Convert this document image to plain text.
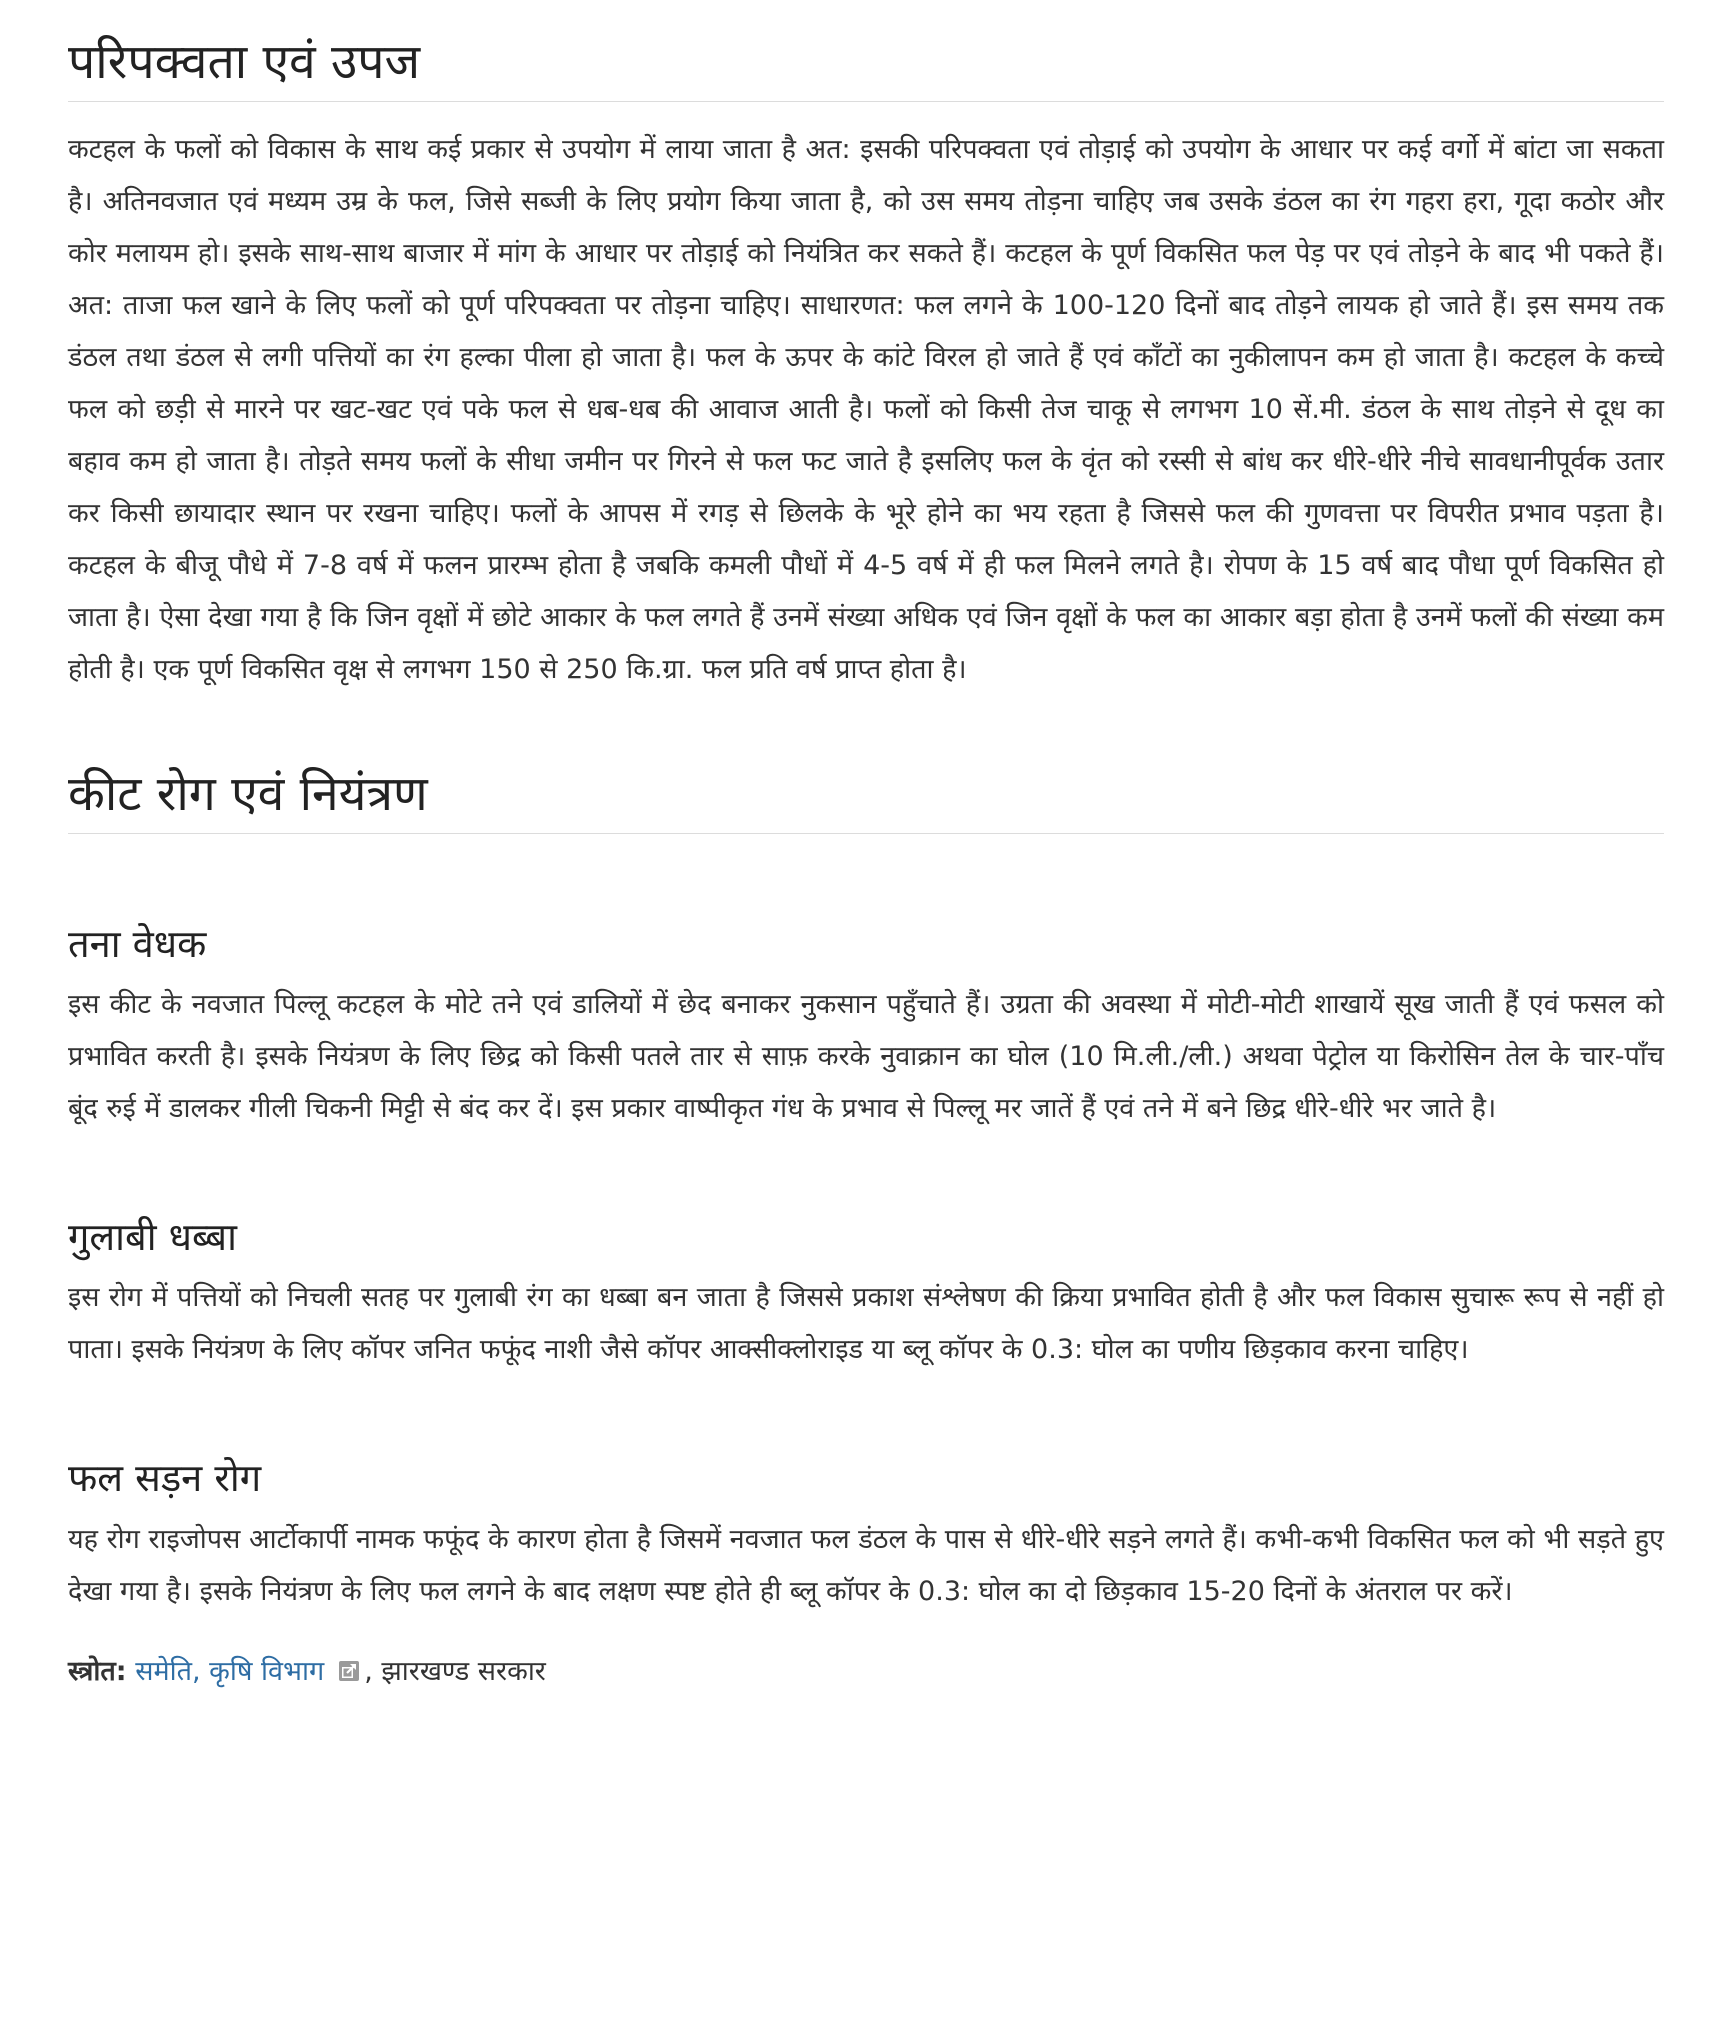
परिपक्वता एवं उपज

कटहल के फलों को विकास के साथ कई प्रकार से उपयोग में लाया जाता है अत: इसकी परिपक्वता एवं तोड़ाई को उपयोग के आधार पर कई वर्गो में बांटा जा सकता है। अतिनवजात एवं मध्यम उम्र के फल, जिसे सब्जी के लिए प्रयोग किया जाता है, को उस समय तोड़ना चाहिए जब उसके डंठल का रंग गहरा हरा, गूदा कठोर और कोर मलायम हो। इसके साथ-साथ बाजार में मांग के आधार पर तोड़ाई को नियंत्रित कर सकते हैं। कटहल के पूर्ण विकसित फल पेड़ पर एवं तोड़ने के बाद भी पकते हैं। अत: ताजा फल खाने के लिए फलों को पूर्ण परिपक्वता पर तोड़ना चाहिए। साधारणत: फल लगने के 100-120 दिनों बाद तोड़ने लायक हो जाते हैं। इस समय तक डंठल तथा डंठल से लगी पत्तियों का रंग हल्का पीला हो जाता है। फल के ऊपर के कांटे विरल हो जाते हैं एवं काँटों का नुकीलापन कम हो जाता है। कटहल के कच्चे फल को छड़ी से मारने पर खट-खट एवं पके फल से धब-धब की आवाज आती है। फलों को किसी तेज चाकू से लगभग 10 सें.मी. डंठल के साथ तोड़ने से दूध का बहाव कम हो जाता है। तोड़ते समय फलों के सीधा जमीन पर गिरने से फल फट जाते है इसलिए फल के वृंत को रस्सी से बांध कर धीरे-धीरे नीचे सावधानीपूर्वक उतार कर किसी छायादार स्थान पर रखना चाहिए। फलों के आपस में रगड़ से छिलके के भूरे होने का भय रहता है जिससे फल की गुणवत्ता पर विपरीत प्रभाव पड़ता है। कटहल के बीजू पौधे में 7-8 वर्ष में फलन प्रारम्भ होता है जबकि कमली पौधों में 4-5 वर्ष में ही फल मिलने लगते है। रोपण के 15 वर्ष बाद पौधा पूर्ण विकसित हो जाता है। ऐसा देखा गया है कि जिन वृक्षों में छोटे आकार के फल लगते हैं उनमें संख्या अधिक एवं जिन वृक्षों के फल का आकार बड़ा होता है उनमें फलों की संख्या कम होती है। एक पूर्ण विकसित वृक्ष से लगभग 150 से 250 कि.ग्रा. फल प्रति वर्ष प्राप्त होता है।

कीट रोग एवं नियंत्रण
तना वेधक

इस कीट के नवजात पिल्लू कटहल के मोटे तने एवं डालियों में छेद बनाकर नुकसान पहुँचाते हैं। उग्रता की अवस्था में मोटी-मोटी शाखायें सूख जाती हैं एवं फसल को प्रभावित करती है। इसके नियंत्रण के लिए छिद्र को किसी पतले तार से साफ़ करके नुवाक्रान का घोल (10 मि.ली./ली.) अथवा पेट्रोल या किरोसिन तेल के चार-पाँच बूंद रुई में डालकर गीली चिकनी मिट्टी से बंद कर दें। इस प्रकार वाष्पीकृत गंध के प्रभाव से पिल्लू मर जातें हैं एवं तने में बने छिद्र धीरे-धीरे भर जाते है।

गुलाबी धब्बा

इस रोग में पत्तियों को निचली सतह पर गुलाबी रंग का धब्बा बन जाता है जिससे प्रकाश संश्लेषण की क्रिया प्रभावित होती है और फल विकास सुचारू रूप से नहीं हो पाता। इसके नियंत्रण के लिए कॉपर जनित फफूंद नाशी जैसे कॉपर आक्सीक्लोराइड या ब्लू कॉपर के 0.3: घोल का पणीय छिड़काव करना चाहिए।

फल सड़न रोग

यह रोग राइजोपस आर्टोकार्पी नामक फफूंद के कारण होता है जिसमें नवजात फल डंठल के पास से धीरे-धीरे सड़ने लगते हैं। कभी-कभी विकसित फल को भी सड़ते हुए देखा गया है। इसके नियंत्रण के लिए फल लगने के बाद लक्षण स्पष्ट होते ही ब्लू कॉपर के 0.3: घोल का दो छिड़काव 15-20 दिनों के अंतराल पर करें।

स्त्रोत: समेति, कृषि विभाग , झारखण्ड सरकार
